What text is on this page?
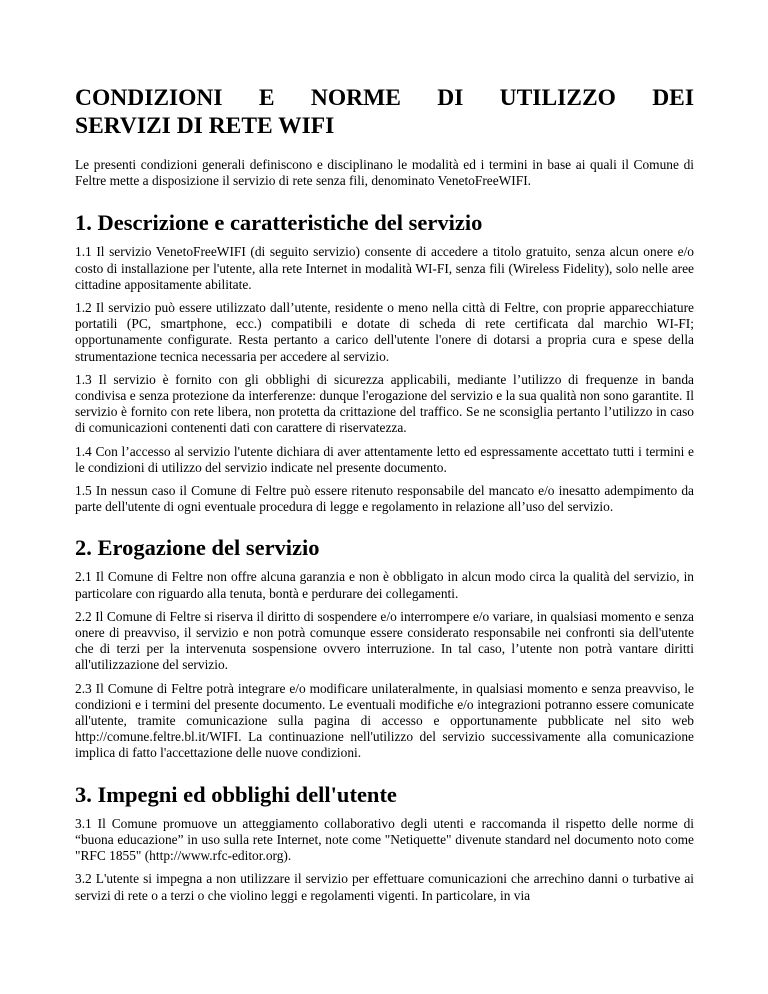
CONDIZIONI E NORME DI UTILIZZO DEI
SERVIZI DI RETE WIFI

Le presenti condizioni generali definiscono e disciplinano le modalità ed i termini in base ai quali il Comune di Feltre mette a disposizione il servizio di rete senza fili, denominato VenetoFreeWIFI.

1. Descrizione e caratteristiche del servizio

1.1 Il servizio VenetoFreeWIFI (di seguito servizio) consente di accedere a titolo gratuito, senza alcun onere e/o costo di installazione per l'utente, alla rete Internet in modalità WI-FI, senza fili (Wireless Fidelity), solo nelle aree cittadine appositamente abilitate.

1.2 Il servizio può essere utilizzato dall’utente, residente o meno nella città di Feltre, con proprie apparecchiature portatili (PC, smartphone, ecc.) compatibili e dotate di scheda di rete certificata dal marchio WI-FI; opportunamente configurate. Resta pertanto a carico dell'utente l'onere di dotarsi a propria cura e spese della strumentazione tecnica necessaria per accedere al servizio.

1.3 Il servizio è fornito con gli obblighi di sicurezza applicabili, mediante l’utilizzo di frequenze in banda condivisa e senza protezione da interferenze: dunque l'erogazione del servizio e la sua qualità non sono garantite. Il servizio è fornito con rete libera, non protetta da crittazione del traffico. Se ne sconsiglia pertanto l’utilizzo in caso di comunicazioni contenenti dati con carattere di riservatezza.

1.4 Con l’accesso al servizio l'utente dichiara di aver attentamente letto ed espressamente accettato tutti i termini e le condizioni di utilizzo del servizio indicate nel presente documento.

1.5 In nessun caso il Comune di Feltre può essere ritenuto responsabile del mancato e/o inesatto adempimento da parte dell'utente di ogni eventuale procedura di legge e regolamento in relazione all’uso del servizio.

2. Erogazione del servizio

2.1 Il Comune di Feltre non offre alcuna garanzia e non è obbligato in alcun modo circa la qualità del servizio, in particolare con riguardo alla tenuta, bontà e perdurare dei collegamenti.

2.2 Il Comune di Feltre si riserva il diritto di sospendere e/o interrompere e/o variare, in qualsiasi momento e senza onere di preavviso, il servizio e non potrà comunque essere considerato responsabile nei confronti sia dell'utente che di terzi per la intervenuta sospensione ovvero interruzione. In tal caso, l’utente non potrà vantare diritti all'utilizzazione del servizio.

2.3 Il Comune di Feltre potrà integrare e/o modificare unilateralmente, in qualsiasi momento e senza preavviso, le condizioni e i termini del presente documento. Le eventuali modifiche e/o integrazioni potranno essere comunicate all'utente, tramite comunicazione sulla pagina di accesso e opportunamente pubblicate nel sito web http://comune.feltre.bl.it/WIFI. La continuazione nell'utilizzo del servizio successivamente alla comunicazione implica di fatto l'accettazione delle nuove condizioni.

3. Impegni ed obblighi dell'utente

3.1 Il Comune promuove un atteggiamento collaborativo degli utenti e raccomanda il rispetto delle norme di “buona educazione” in uso sulla rete Internet, note come "Netiquette" divenute standard nel documento noto come "RFC 1855" (http://www.rfc-editor.org).

3.2 L'utente si impegna a non utilizzare il servizio per effettuare comunicazioni che arrechino danni o turbative ai servizi di rete o a terzi o che violino leggi e regolamenti vigenti. In particolare, in via
